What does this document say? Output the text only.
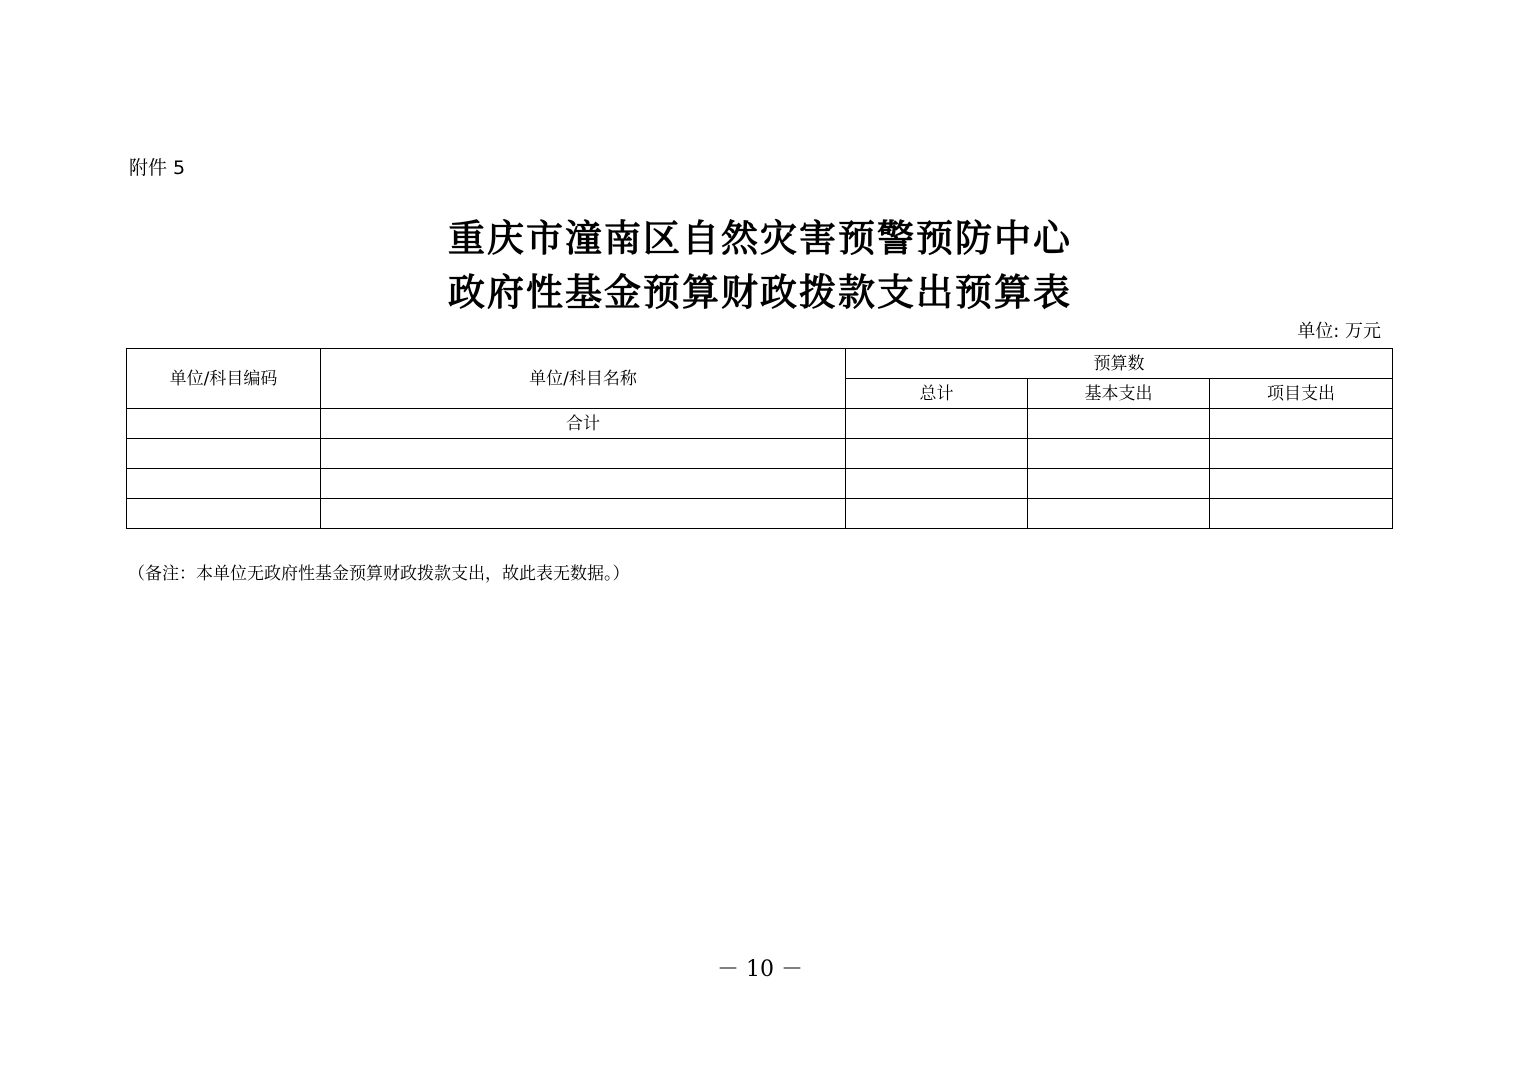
附件 5
重庆市潼南区自然灾害预警预防中心
政府性基金预算财政拨款支出预算表
单位: 万元
单位/科目编码	单位/科目名称	预算数		
		总计	基本支出	项目支出
	合计			

（备注：本单位无政府性基金预算财政拨款支出，故此表无数据。）
－ 10 －
